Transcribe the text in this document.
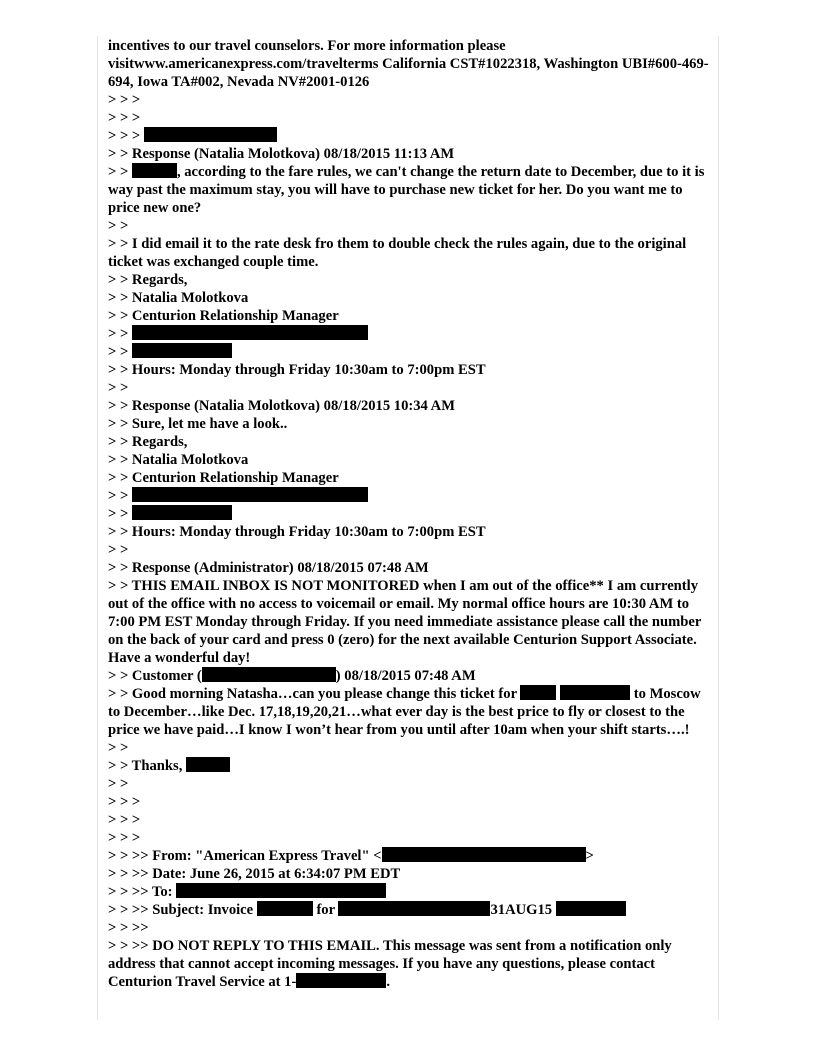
incentives to our travel counselors. For more information please visitwww.americanexpress.com/travelterms California CST#1022318, Washington UBI#600-469-694, Iowa TA#002, Nevada NV#2001-0126
> > >
> > >
> > >
> > Response (Natalia Molotkova) 08/18/2015 11:13 AM
> >	, according to the fare rules, we can't change the return date to December, due to it is way past the maximum stay, you will have to purchase new ticket for her. Do you want me to price new one?
> >
> > I did email it to the rate desk fro them to double check the rules again, due to the original ticket was exchanged couple time.
> > Regards,
> > Natalia Molotkova
> > Centurion Relationship Manager
> >
> >
> > Hours: Monday through Friday 10:30am to 7:00pm EST
> >
> > Response (Natalia Molotkova) 08/18/2015 10:34 AM
> > Sure, let me have a look..
> > Regards,
> > Natalia Molotkova
> > Centurion Relationship Manager
> >
> >
> > Hours: Monday through Friday 10:30am to 7:00pm EST
> >
> > Response (Administrator) 08/18/2015 07:48 AM
> > THIS EMAIL INBOX IS NOT MONITORED when I am out of the office** I am currently out of the office with no access to voicemail or email. My normal office hours are 10:30 AM to 7:00 PM EST Monday through Friday. If you need immediate assistance please call the number on the back of your card and press 0 (zero) for the next available Centurion Support Associate. Have a wonderful day!
> > Customer (	) 08/18/2015 07:48 AM
> > Good morning Natasha…can you please change this ticket for	to Moscow to December…like Dec. 17,18,19,20,21…what ever day is the best price to fly or closest to the price we have paid…I know I won’t hear from you until after 10am when your shift starts….!
> >
> > Thanks,
> >
> > >
> > >
> > >
> > >> From: "American Express Travel" <	>
> > >> Date: June 26, 2015 at 6:34:07 PM EDT
> > >> To:
> > >> Subject: Invoice	for	31AUG15
> > >>
> > >> DO NOT REPLY TO THIS EMAIL. This message was sent from a notification only address that cannot accept incoming messages. If you have any questions, please contact Centurion Travel Service at 1-	.
